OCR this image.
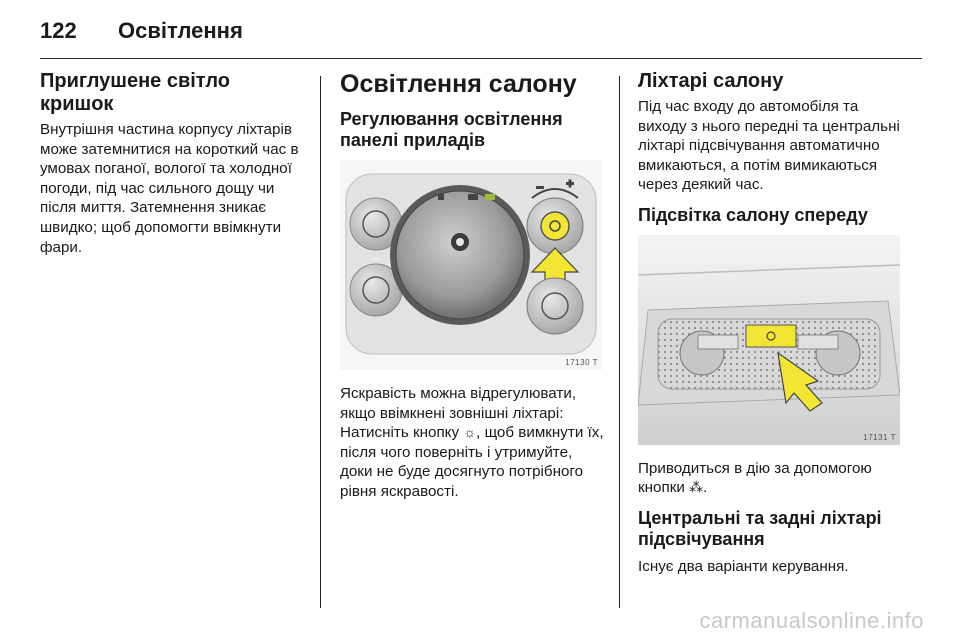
122	Освітлення
Приглушене світло кришок

Внутрішня частина корпусу ліхтарів може затемнитися на короткий час в умовах поганої, вологої та холодної погоди, під час сильного дощу чи після миття. Затемнення зникає швидко; щоб допомогти ввімкнути фари.

Освітлення салону
Регулювання освітлення панелі приладів
17130 T

Яскравість можна відрегулювати, якщо ввімкнені зовнішні ліхтарі: Натисніть кнопку ☼, щоб вимкнути їх, після чого поверніть і утримуйте, доки не буде досягнуто потрібного рівня яскравості.

Ліхтарі салону

Під час входу до автомобіля та виходу з нього передні та центральні ліхтарі підсвічування автоматично вмикаються, а потім вимикаються через деякий час.

Підсвітка салону спереду
17131 T

Приводиться в дію за допомогою кнопки ⁂.

Центральні та задні ліхтарі підсвічування

Існує два варіанти керування.

carmanualsonline.info
